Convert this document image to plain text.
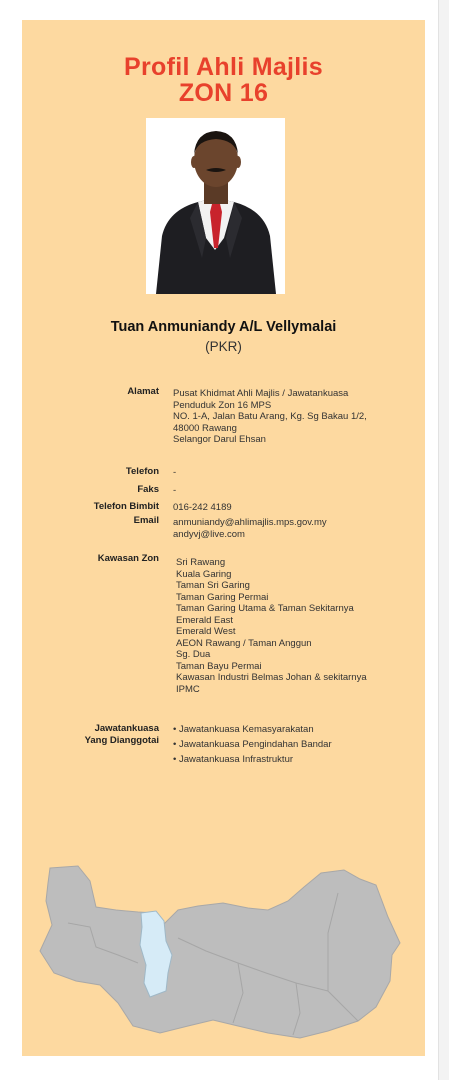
Profil Ahli Majlis
ZON 16
Tuan Anmuniandy A/L Vellymalai
(PKR)
Alamat Pusat Khidmat Ahli Majlis / Jawatankuasa
Penduduk Zon 16 MPS
NO. 1-A, Jalan Batu Arang, Kg. Sg Bakau 1/2,
48000 Rawang
Selangor Darul Ehsan
Telefon -
Faks -
Telefon Bimbit 016-242 4189
Email anmuniandy@ahlimajlis.mps.gov.my
andyvj@live.com
Kawasan Zon Sri Rawang
Kuala Garing
Taman Sri Garing
Taman Garing Permai
Taman Garing Utama & Taman Sekitarnya
Emerald East
Emerald West
AEON Rawang / Taman Anggun
Sg. Dua
Taman Bayu Permai
Kawasan Industri Belmas Johan & sekitarnya
IPMC
Jawatankuasa
Yang Dianggotai
• Jawatankuasa Kemasyarakatan
• Jawatankuasa Pengindahan Bandar
• Jawatankuasa Infrastruktur
